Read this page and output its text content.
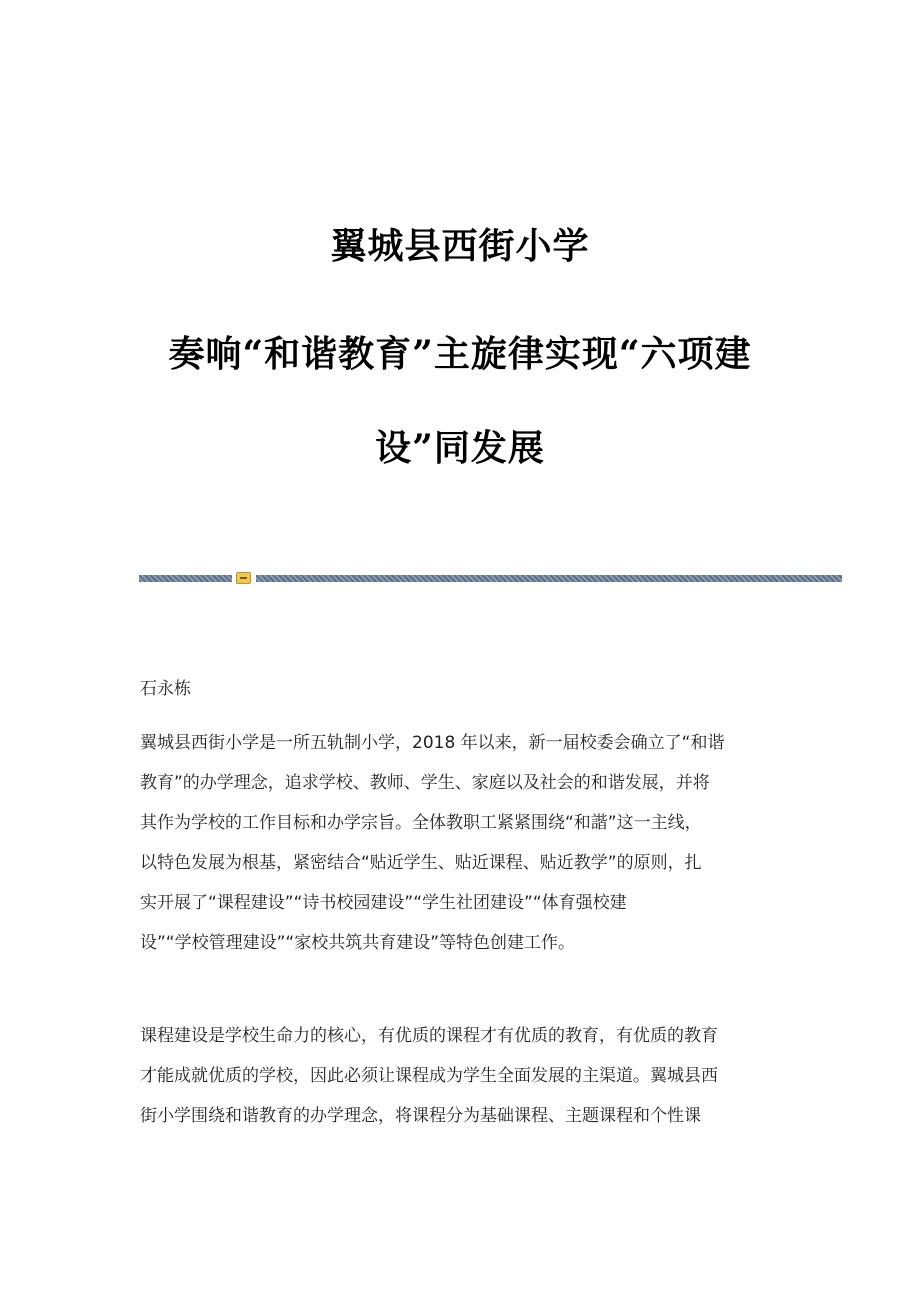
翼城县西街小学
奏响“和谐教育”主旋律实现“六项建
设”同发展
石永栋
翼城县西街小学是一所五轨制小学，2018 年以来，新一届校委会确立了“和谐
教育”的办学理念，追求学校、教师、学生、家庭以及社会的和谐发展，并将
其作为学校的工作目标和办学宗旨。全体教职工紧紧围绕“和諧”这一主线，
以特色发展为根基，紧密结合“贴近学生、贴近课程、贴近教学”的原则，扎
实开展了“课程建设”“诗书校园建设”“学生社团建设”“体育强校建
设”“学校管理建设”“家校共筑共育建设”等特色创建工作。
课程建设是学校生命力的核心，有优质的课程才有优质的教育，有优质的教育
才能成就优质的学校，因此必须让课程成为学生全面发展的主渠道。翼城县西
街小学围绕和谐教育的办学理念，将课程分为基础课程、主题课程和个性课
